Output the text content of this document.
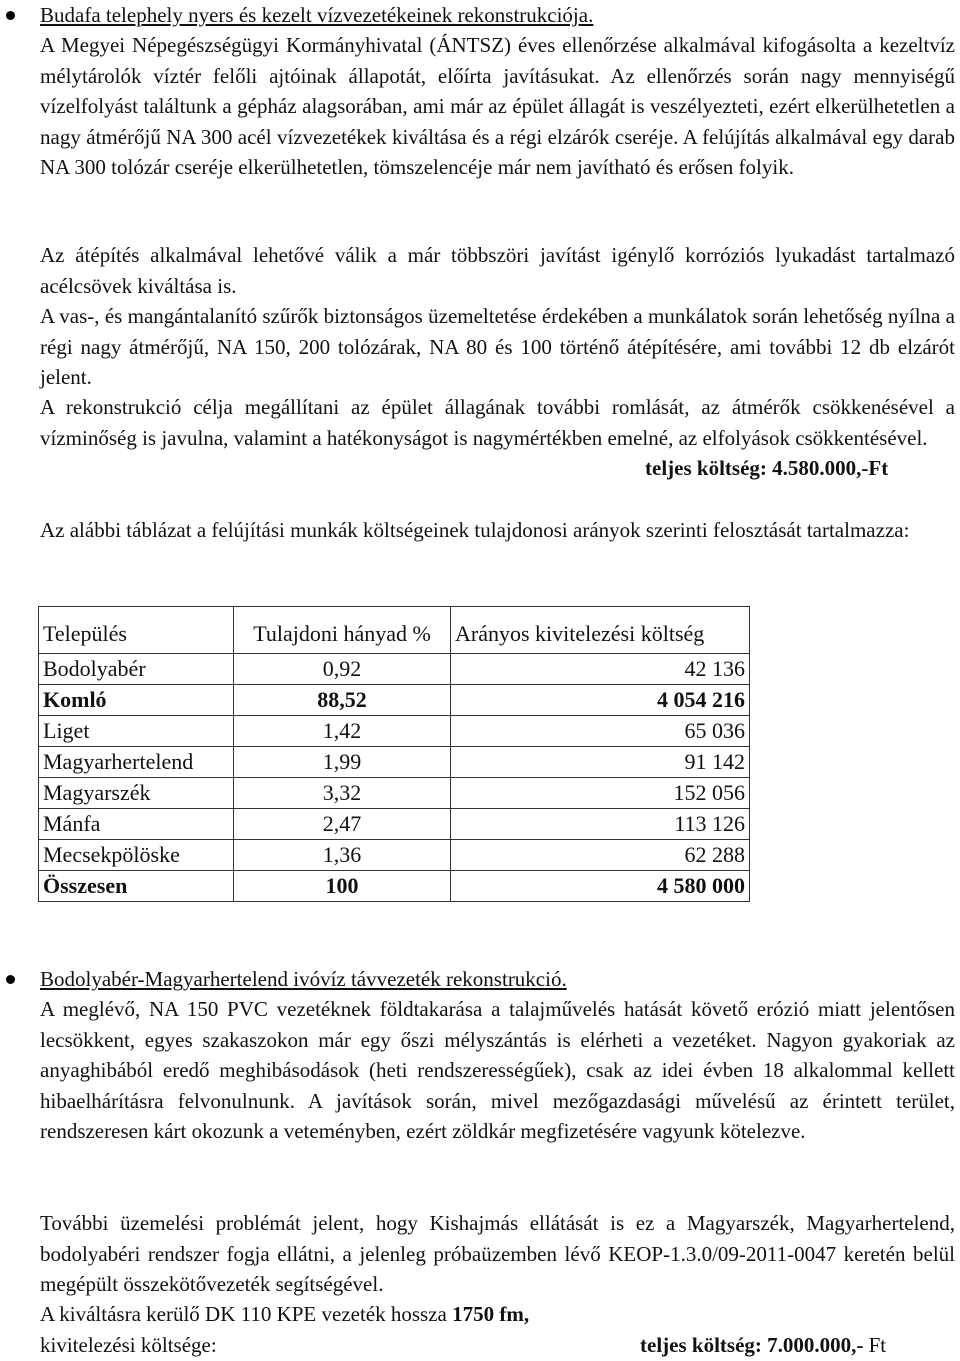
Budafa telephely nyers és kezelt vízvezetékeinek rekonstrukciója.

A Megyei Népegészségügyi Kormányhivatal (ÁNTSZ) éves ellenőrzése alkalmával kifogásolta a kezeltvíz mélytárolók víztér felőli ajtóinak állapotát, előírta javításukat. Az ellenőrzés során nagy mennyiségű vízelfolyást találtunk a gépház alagsorában, ami már az épület állagát is veszélyezteti, ezért elkerülhetetlen a nagy átmérőjű NA 300 acél vízvezetékek kiváltása és a régi elzárók cseréje. A felújítás alkalmával egy darab NA 300 tolózár cseréje elkerülhetetlen, tömszelencéje már nem javítható és erősen folyik.

Az átépítés alkalmával lehetővé válik a már többszöri javítást igénylő korróziós lyukadást tartalmazó acélcsövek kiváltása is.

A vas-, és mangántalanító szűrők biztonságos üzemeltetése érdekében a munkálatok során lehetőség nyílna a régi nagy átmérőjű, NA 150, 200 tolózárak, NA 80 és 100 történő átépítésére, ami további 12 db elzárót jelent.

A rekonstrukció célja megállítani az épület állagának további romlását, az átmérők csökkenésével a vízminőség is javulna, valamint a hatékonyságot is nagymértékben emelné, az elfolyások csökkentésével.

teljes költség: 4.580.000,-Ft

Az alábbi táblázat a felújítási munkák költségeinek tulajdonosi arányok szerinti felosztását tartalmazza:

Település	Tulajdoni hányad %	Arányos kivitelezési költség
Bodolyabér	0,92	42 136
Komló	88,52	4 054 216
Liget	1,42	65 036
Magyarhertelend	1,99	91 142
Magyarszék	3,32	152 056
Mánfa	2,47	113 126
Mecsekpölöske	1,36	62 288
Összesen	100	4 580 000
Bodolyabér-Magyarhertelend ivóvíz távvezeték rekonstrukció.

A meglévő, NA 150 PVC vezetéknek földtakarása a talajművelés hatását követő erózió miatt jelentősen lecsökkent, egyes szakaszokon már egy őszi mélyszántás is elérheti a vezetéket. Nagyon gyakoriak az anyaghibából eredő meghibásodások (heti rendszerességűek), csak az idei évben 18 alkalommal kellett hibaelhárításra felvonulnunk. A javítások során, mivel mezőgazdasági művelésű az érintett terület, rendszeresen kárt okozunk a veteményben, ezért zöldkár megfizetésére vagyunk kötelezve.

További üzemelési problémát jelent, hogy Kishajmás ellátását is ez a Magyarszék, Magyarhertelend, bodolyabéri rendszer fogja ellátni, a jelenleg próbaüzemben lévő KEOP-1.3.0/09-2011-0047 keretén belül megépült összekötővezeték segítségével.

A kiváltásra kerülő DK 110 KPE vezeték hossza 1750 fm,
kivitelezési költsége:	teljes költség: 7.000.000,- Ft
